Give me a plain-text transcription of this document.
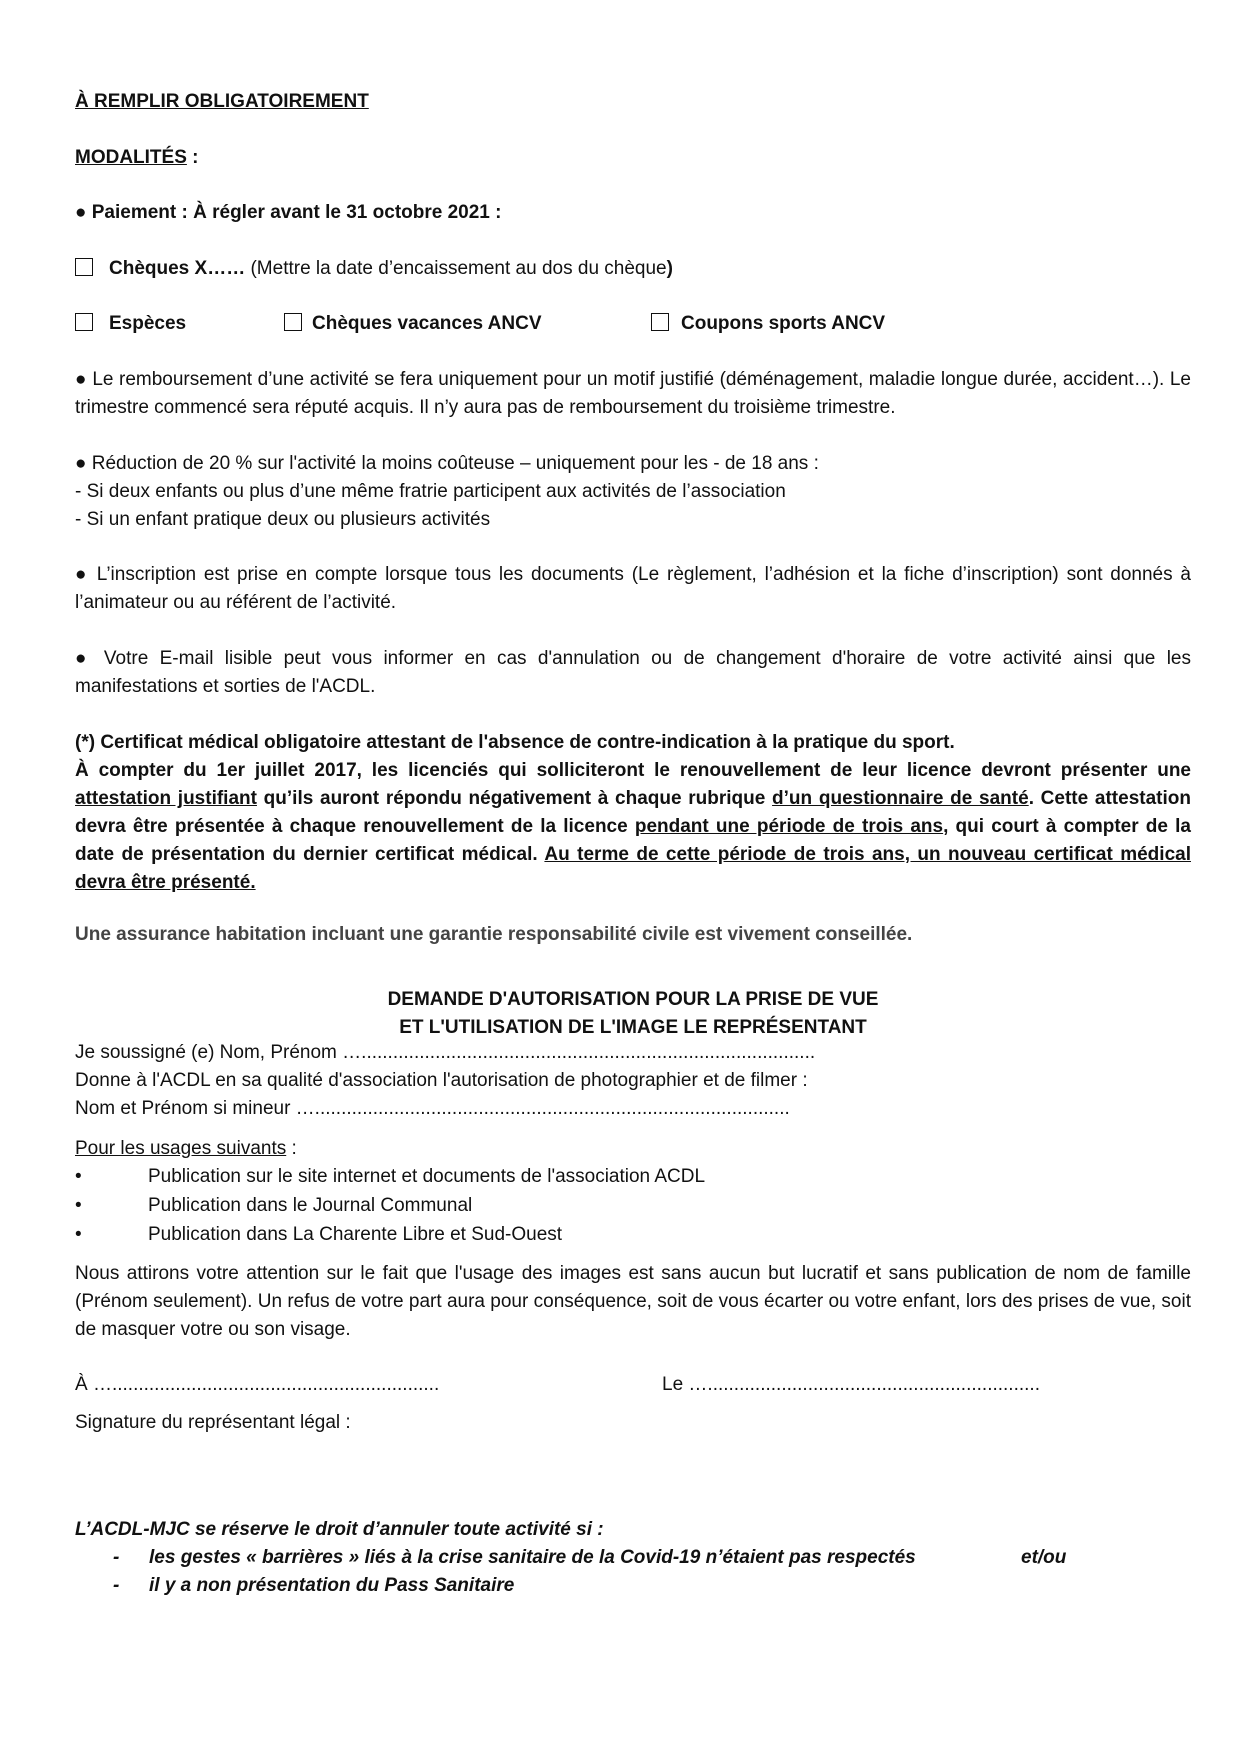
À REMPLIR OBLIGATOIREMENT
MODALITÉS :
● Paiement : À régler avant le 31 octobre 2021 :
Chèques X…… (Mettre la date d’encaissement au dos du chèque)
Espèces	Chèques vacances ANCV	Coupons sports ANCV
● Le remboursement d’une activité se fera uniquement pour un motif justifié (déménagement, maladie longue durée, accident…). Le trimestre commencé sera réputé acquis. Il n’y aura pas de remboursement du troisième trimestre.
● Réduction de 20 % sur l'activité la moins coûteuse – uniquement pour les - de 18 ans :
- Si deux enfants ou plus d’une même fratrie participent aux activités de l’association
- Si un enfant pratique deux ou plusieurs activités
● L’inscription est prise en compte lorsque tous les documents (Le règlement, l’adhésion et la fiche d’inscription) sont donnés à l’animateur ou au référent de l’activité.
● Votre E-mail lisible peut vous informer en cas d'annulation ou de changement d'horaire de votre activité ainsi que les manifestations et sorties de l'ACDL.
(*) Certificat médical obligatoire attestant de l'absence de contre-indication à la pratique du sport.
À compter du 1er juillet 2017, les licenciés qui solliciteront le renouvellement de leur licence devront présenter une attestation justifiant qu’ils auront répondu négativement à chaque rubrique d’un questionnaire de santé. Cette attestation devra être présentée à chaque renouvellement de la licence pendant une période de trois ans, qui court à compter de la date de présentation du dernier certificat médical. Au terme de cette période de trois ans, un nouveau certificat médical devra être présenté.
Une assurance habitation incluant une garantie responsabilité civile est vivement conseillée.
DEMANDE D'AUTORISATION POUR LA PRISE DE VUE
ET L'UTILISATION DE L'IMAGE LE REPRÉSENTANT
Je soussigné (e) Nom, Prénom …......................................................................................
Donne à l'ACDL en sa qualité d'association l'autorisation de photographier et de filmer :
Nom et Prénom si mineur …..........................................................................................
Pour les usages suivants :
•	Publication sur le site internet et documents de l'association ACDL
•	Publication dans le Journal Communal
•	Publication dans La Charente Libre et Sud-Ouest
Nous attirons votre attention sur le fait que l'usage des images est sans aucun but lucratif et sans publication de nom de famille (Prénom seulement). Un refus de votre part aura pour conséquence, soit de vous écarter ou votre enfant, lors des prises de vue, soit de masquer votre ou son visage.
À …..............................................................	Le …...............................................................
Signature du représentant légal :
L’ACDL-MJC se réserve le droit d’annuler toute activité si :
- les gestes « barrières » liés à la crise sanitaire de la Covid-19 n’étaient pas respectés	et/ou
- il y a non présentation du Pass Sanitaire
